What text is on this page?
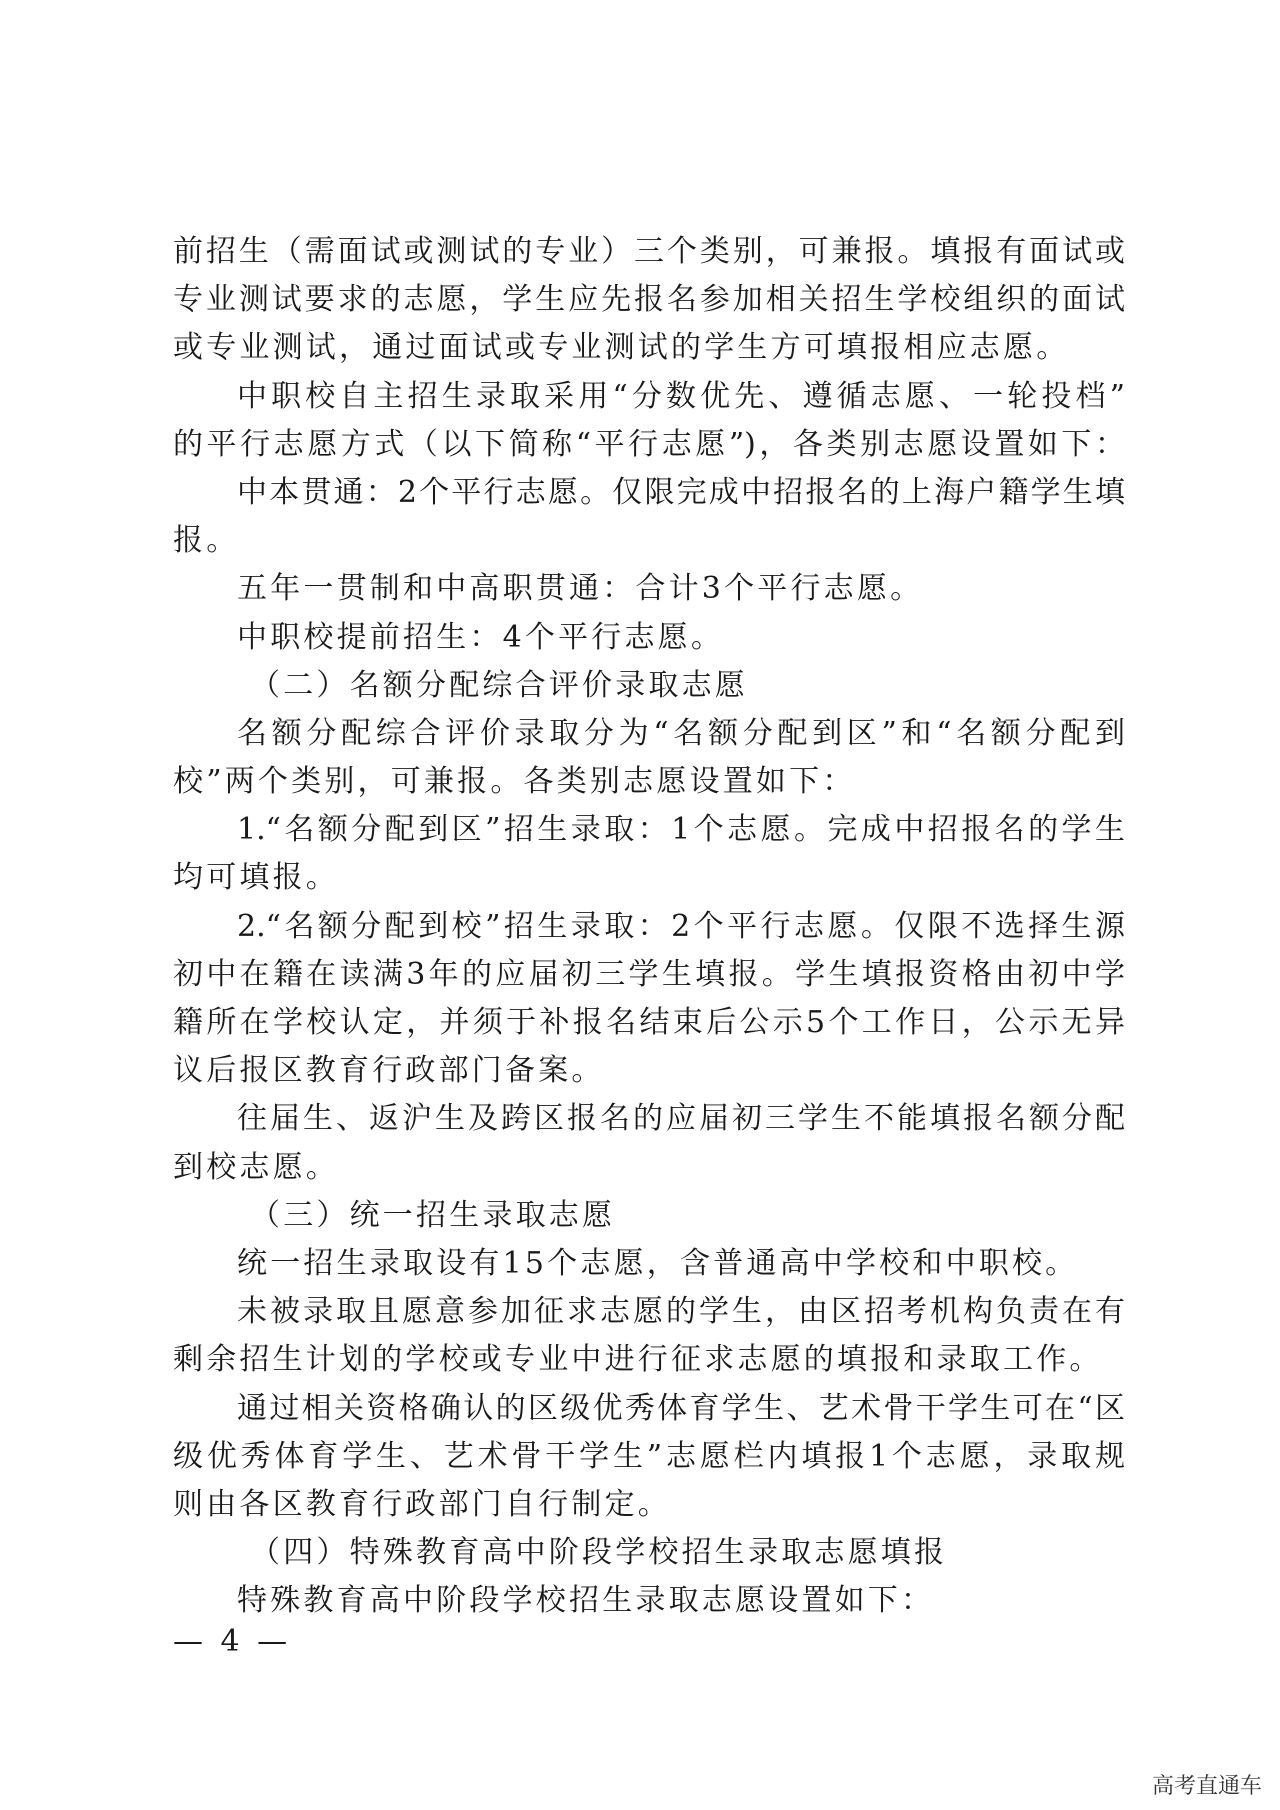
前招生（需面试或测试的专业）三个类别，可兼报。填报有面试或
专业测试要求的志愿，学生应先报名参加相关招生学校组织的面试
或专业测试，通过面试或专业测试的学生方可填报相应志愿。
中职校自主招生录取采用“分数优先、遵循志愿、一轮投档”
的平行志愿方式（以下简称“平行志愿”)，各类别志愿设置如下：
中本贯通：2个平行志愿。仅限完成中招报名的上海户籍学生填
报。
五年一贯制和中高职贯通：合计3个平行志愿。
中职校提前招生：4个平行志愿。
（二）名额分配综合评价录取志愿
名额分配综合评价录取分为“名额分配到区”和“名额分配到
校”两个类别，可兼报。各类别志愿设置如下：
1.“名额分配到区”招生录取：1个志愿。完成中招报名的学生
均可填报。
2.“名额分配到校”招生录取：2个平行志愿。仅限不选择生源
初中在籍在读满3年的应届初三学生填报。学生填报资格由初中学
籍所在学校认定，并须于补报名结束后公示5个工作日，公示无异
议后报区教育行政部门备案。
往届生、返沪生及跨区报名的应届初三学生不能填报名额分配
到校志愿。
（三）统一招生录取志愿
统一招生录取设有15个志愿，含普通高中学校和中职校。
未被录取且愿意参加征求志愿的学生，由区招考机构负责在有
剩余招生计划的学校或专业中进行征求志愿的填报和录取工作。
通过相关资格确认的区级优秀体育学生、艺术骨干学生可在“区
级优秀体育学生、艺术骨干学生”志愿栏内填报1个志愿，录取规
则由各区教育行政部门自行制定。
（四）特殊教育高中阶段学校招生录取志愿填报
特殊教育高中阶段学校招生录取志愿设置如下：
— 4 —
高考直通车
